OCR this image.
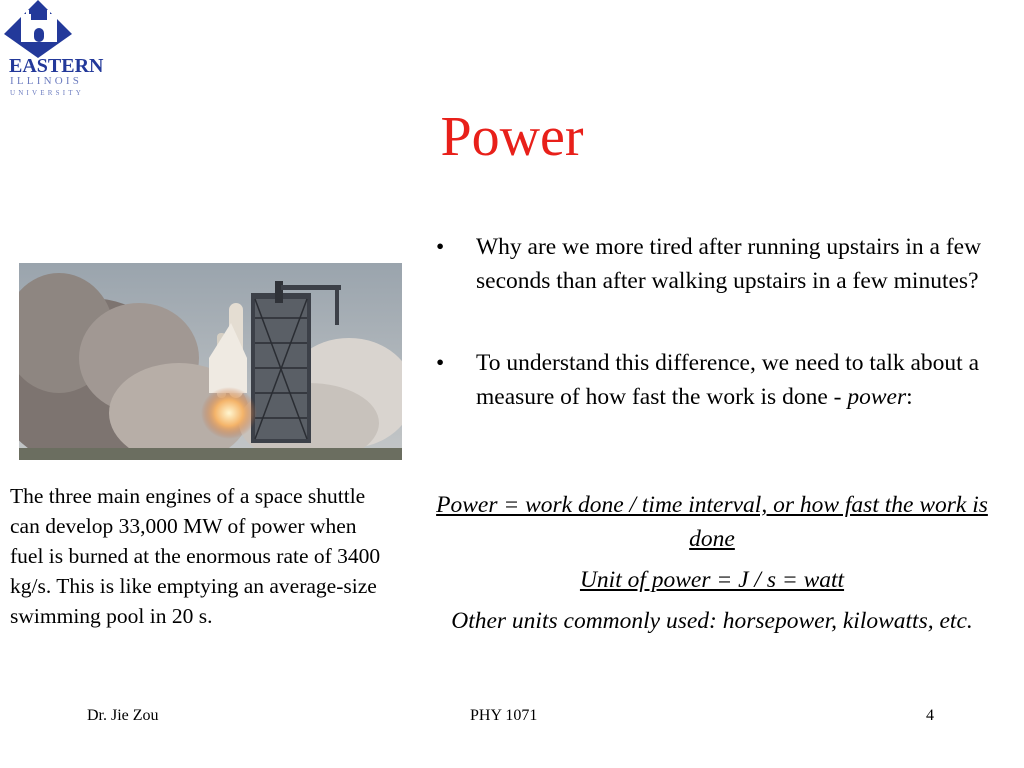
EASTERN
ILLINOIS
UNIVERSITY
Power
The three main engines of a space shuttle can develop 33,000 MW of power when fuel is burned at the enormous rate of 3400 kg/s. This is like emptying an average-size swimming pool in 20 s.
• Why are we more tired after running upstairs in a few seconds than after walking upstairs in a few minutes?
• To understand this difference, we need to talk about a measure of how fast the work is done - power:

Power = work done / time interval, or how fast the work is done

Unit of power = J / s = watt

Other units commonly used: horsepower, kilowatts, etc.

Dr. Jie Zou	PHY 1071	4
